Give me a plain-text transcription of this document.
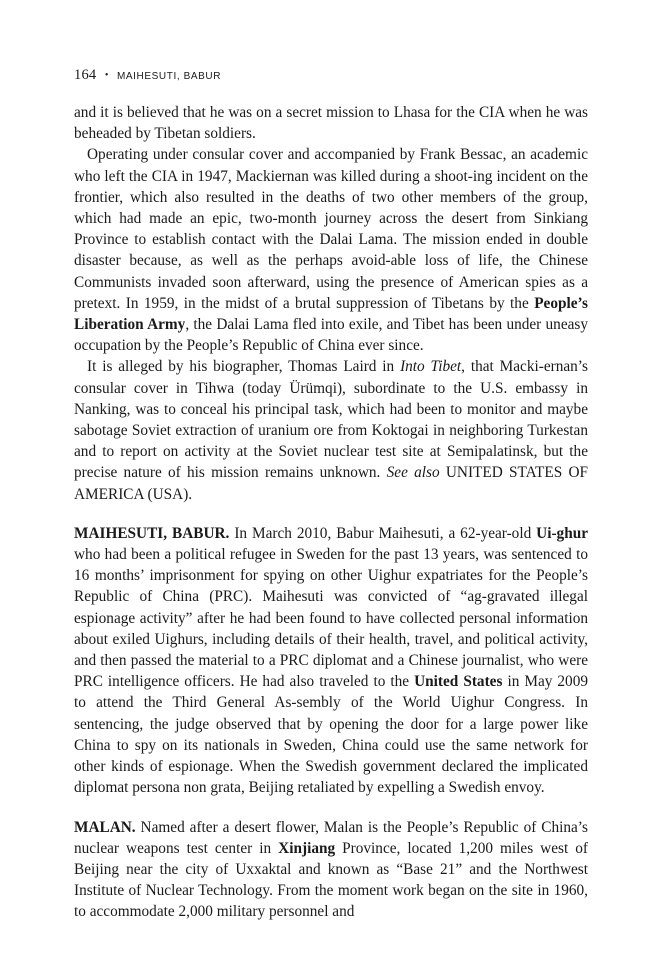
164 • MAIHESUTI, BABUR

and it is believed that he was on a secret mission to Lhasa for the CIA when he was beheaded by Tibetan soldiers.

Operating under consular cover and accompanied by Frank Bessac, an academic who left the CIA in 1947, Mackiernan was killed during a shoot-ing incident on the frontier, which also resulted in the deaths of two other members of the group, which had made an epic, two-month journey across the desert from Sinkiang Province to establish contact with the Dalai Lama. The mission ended in double disaster because, as well as the perhaps avoid-able loss of life, the Chinese Communists invaded soon afterward, using the presence of American spies as a pretext. In 1959, in the midst of a brutal suppression of Tibetans by the People’s Liberation Army, the Dalai Lama fled into exile, and Tibet has been under uneasy occupation by the People’s Republic of China ever since.

It is alleged by his biographer, Thomas Laird in Into Tibet, that Macki-ernan’s consular cover in Tihwa (today Ürümqi), subordinate to the U.S. embassy in Nanking, was to conceal his principal task, which had been to monitor and maybe sabotage Soviet extraction of uranium ore from Koktogai in neighboring Turkestan and to report on activity at the Soviet nuclear test site at Semipalatinsk, but the precise nature of his mission remains unknown. See also UNITED STATES OF AMERICA (USA).

MAIHESUTI, BABUR. In March 2010, Babur Maihesuti, a 62-year-old Ui-ghur who had been a political refugee in Sweden for the past 13 years, was sentenced to 16 months’ imprisonment for spying on other Uighur expatriates for the People’s Republic of China (PRC). Maihesuti was convicted of “ag-gravated illegal espionage activity” after he had been found to have collected personal information about exiled Uighurs, including details of their health, travel, and political activity, and then passed the material to a PRC diplomat and a Chinese journalist, who were PRC intelligence officers. He had also traveled to the United States in May 2009 to attend the Third General As-sembly of the World Uighur Congress. In sentencing, the judge observed that by opening the door for a large power like China to spy on its nationals in Sweden, China could use the same network for other kinds of espionage. When the Swedish government declared the implicated diplomat persona non grata, Beijing retaliated by expelling a Swedish envoy.

MALAN. Named after a desert flower, Malan is the People’s Republic of China’s nuclear weapons test center in Xinjiang Province, located 1,200 miles west of Beijing near the city of Uxxaktal and known as “Base 21” and the Northwest Institute of Nuclear Technology. From the moment work began on the site in 1960, to accommodate 2,000 military personnel and
